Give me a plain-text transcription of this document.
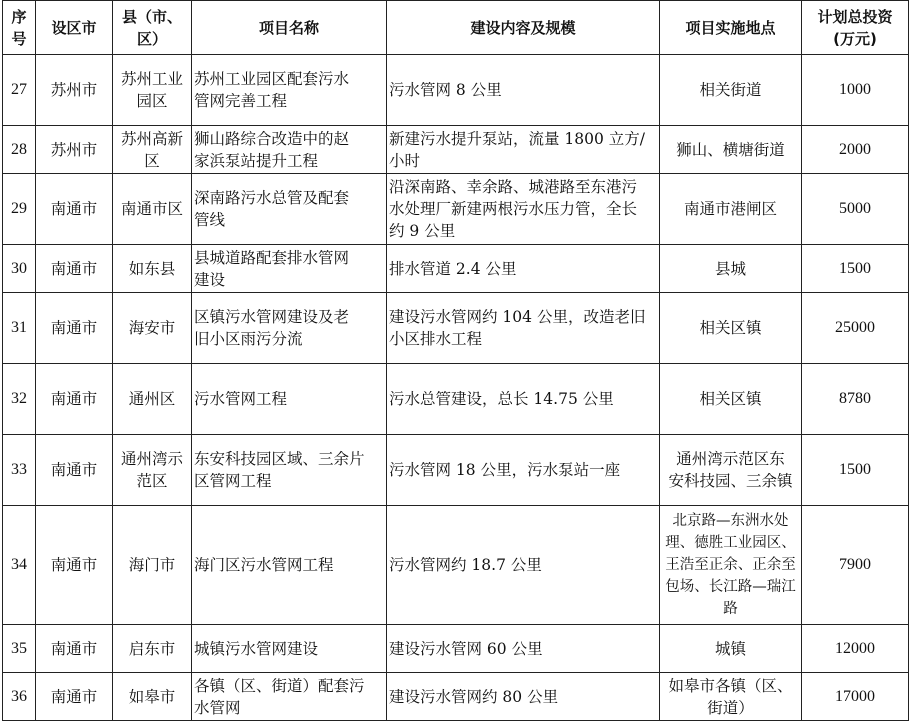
序
号	设区市	县（市、
区）	项目名称	建设内容及规模	项目实施地点	计划总投资
(万元)
27	苏州市	苏州工业
园区	苏州工业园区配套污水
管网完善工程	污水管网 8 公里	相关街道	1000
28	苏州市	苏州高新
区	狮山路综合改造中的赵
家浜泵站提升工程	新建污水提升泵站，流量 1800 立方/
小时	狮山、横塘街道	2000
29	南通市	南通市区	深南路污水总管及配套
管线	沿深南路、幸余路、城港路至东港污
水处理厂新建两根污水压力管，全长
约 9 公里	南通市港闸区	5000
30	南通市	如东县	县城道路配套排水管网
建设	排水管道 2.4 公里	县城	1500
31	南通市	海安市	区镇污水管网建设及老
旧小区雨污分流	建设污水管网约 104 公里，改造老旧
小区排水工程	相关区镇	25000
32	南通市	通州区	污水管网工程	污水总管建设，总长 14.75 公里	相关区镇	8780
33	南通市	通州湾示
范区	东安科技园区域、三余片
区管网工程	污水管网 18 公里，污水泵站一座	通州湾示范区东
安科技园、三余镇	1500
34	南通市	海门市	海门区污水管网工程	污水管网约 18.7 公里	北京路—东洲水处
理、德胜工业园区、
王浩至正余、正余至
包场、长江路—瑞江
路	7900
35	南通市	启东市	城镇污水管网建设	建设污水管网 60 公里	城镇	12000
36	南通市	如皋市	各镇（区、街道）配套污
水管网	建设污水管网约 80 公里	如皋市各镇（区、
街道）	17000
